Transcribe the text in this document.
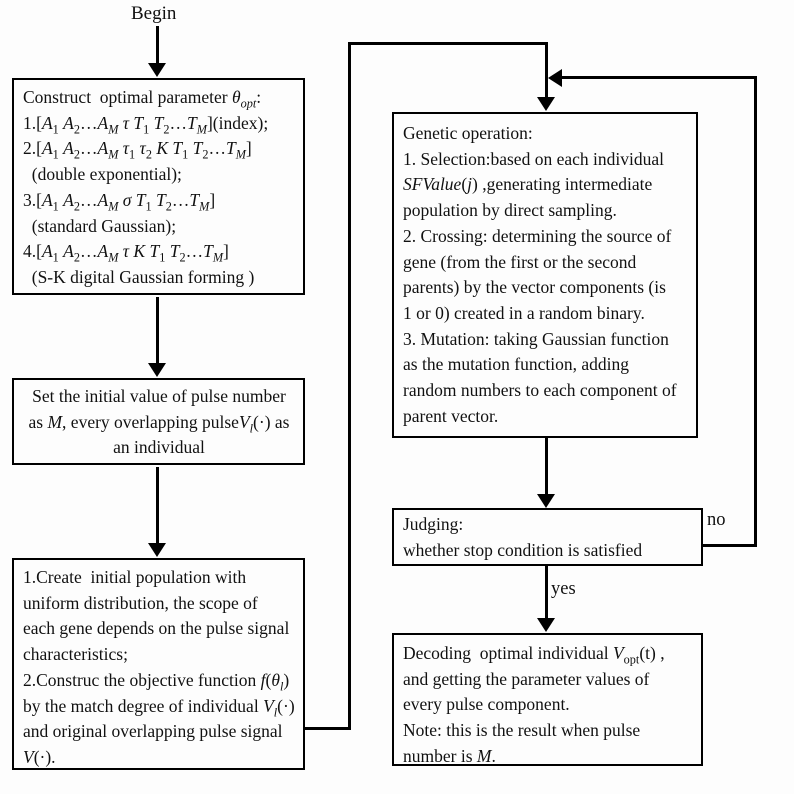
Begin
Construct  optimal parameter $\theta_{opt}$:
$1.[A_1$ $A_2\dots A_M$ τ $T_1$ $T_2\dots T_M](index)$;
$2.[A_1$ $A_2\dots A_M$ $\tau_1$ $\tau_2$ K $T_1$ $T_2\dots T_M$]
(double exponential);
$3.[A_1$ $A_2\dots A_M$ σ $T_1$ $T_2\dots T_M$]
(standard Gaussian);
$4.[A_1$ $A_2\dots A_M$ τ K $T_1$ $T_2\dots T_M$]
(S-K digital Gaussian forming )
Set the initial value of pulse number
as M, every overlapping pulseV$_l$(·) as
an individual
1.Create  initial population with
uniform distribution, the scope of
each gene depends on the pulse signal
characteristics;
2.Construc the objective function $f(\theta_l)$
by the match degree of individual $V_l(\cdot)$
and original overlapping pulse signal
V(·).
Genetic operation:
1. Selection:based on each individual
SFValue(j) ,generating intermediate
population by direct sampling.
2. Crossing: determining the source of
gene (from the first or the second
parents) by the vector components (is
1 or 0) created in a random binary.
3. Mutation: taking Gaussian function
as the mutation function, adding
random numbers to each component of
parent vector.
Judging:
whether stop condition is satisfied
no
yes
Decoding  optimal individual $V_{opt}(t)$ ,
and getting the parameter values of
every pulse component.
Note: this is the result when pulse
number is M.
